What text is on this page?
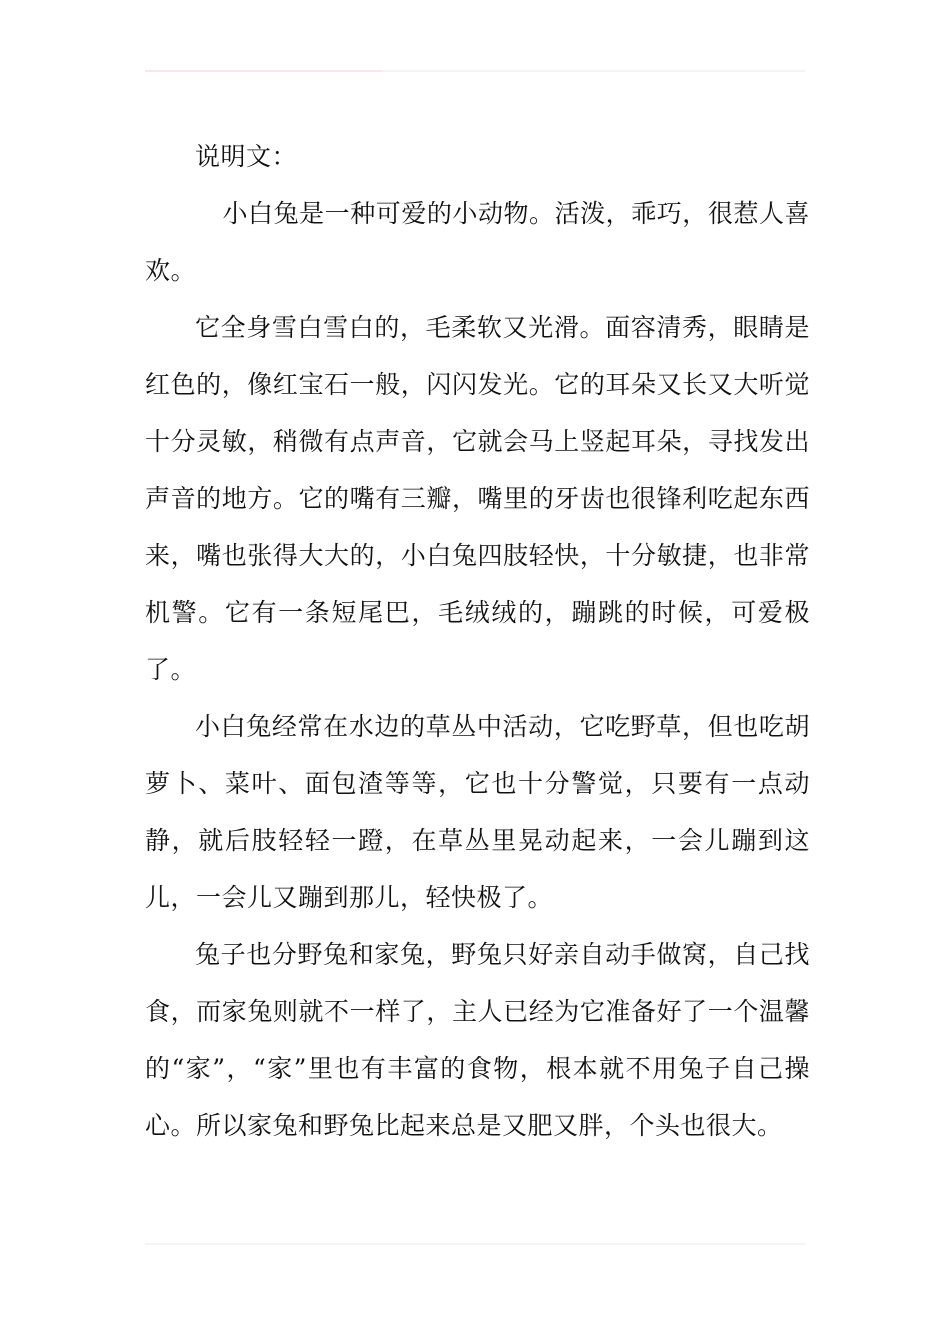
说明文：

小白兔是一种可爱的小动物。活泼，乖巧，很惹人喜欢。

它全身雪白雪白的，毛柔软又光滑。面容清秀，眼睛是红色的，像红宝石一般，闪闪发光。它的耳朵又长又大听觉十分灵敏，稍微有点声音，它就会马上竖起耳朵，寻找发出声音的地方。它的嘴有三瓣，嘴里的牙齿也很锋利吃起东西来，嘴也张得大大的，小白兔四肢轻快，十分敏捷，也非常机警。它有一条短尾巴，毛绒绒的，蹦跳的时候，可爱极了。

小白兔经常在水边的草丛中活动，它吃野草，但也吃胡萝卜、菜叶、面包渣等等，它也十分警觉，只要有一点动静，就后肢轻轻一蹬，在草丛里晃动起来，一会儿蹦到这儿，一会儿又蹦到那儿，轻快极了。

兔子也分野兔和家兔，野兔只好亲自动手做窝，自己找食，而家兔则就不一样了，主人已经为它准备好了一个温馨的“家”，“家”里也有丰富的食物，根本就不用兔子自己操心。所以家兔和野兔比起来总是又肥又胖，个头也很大。
